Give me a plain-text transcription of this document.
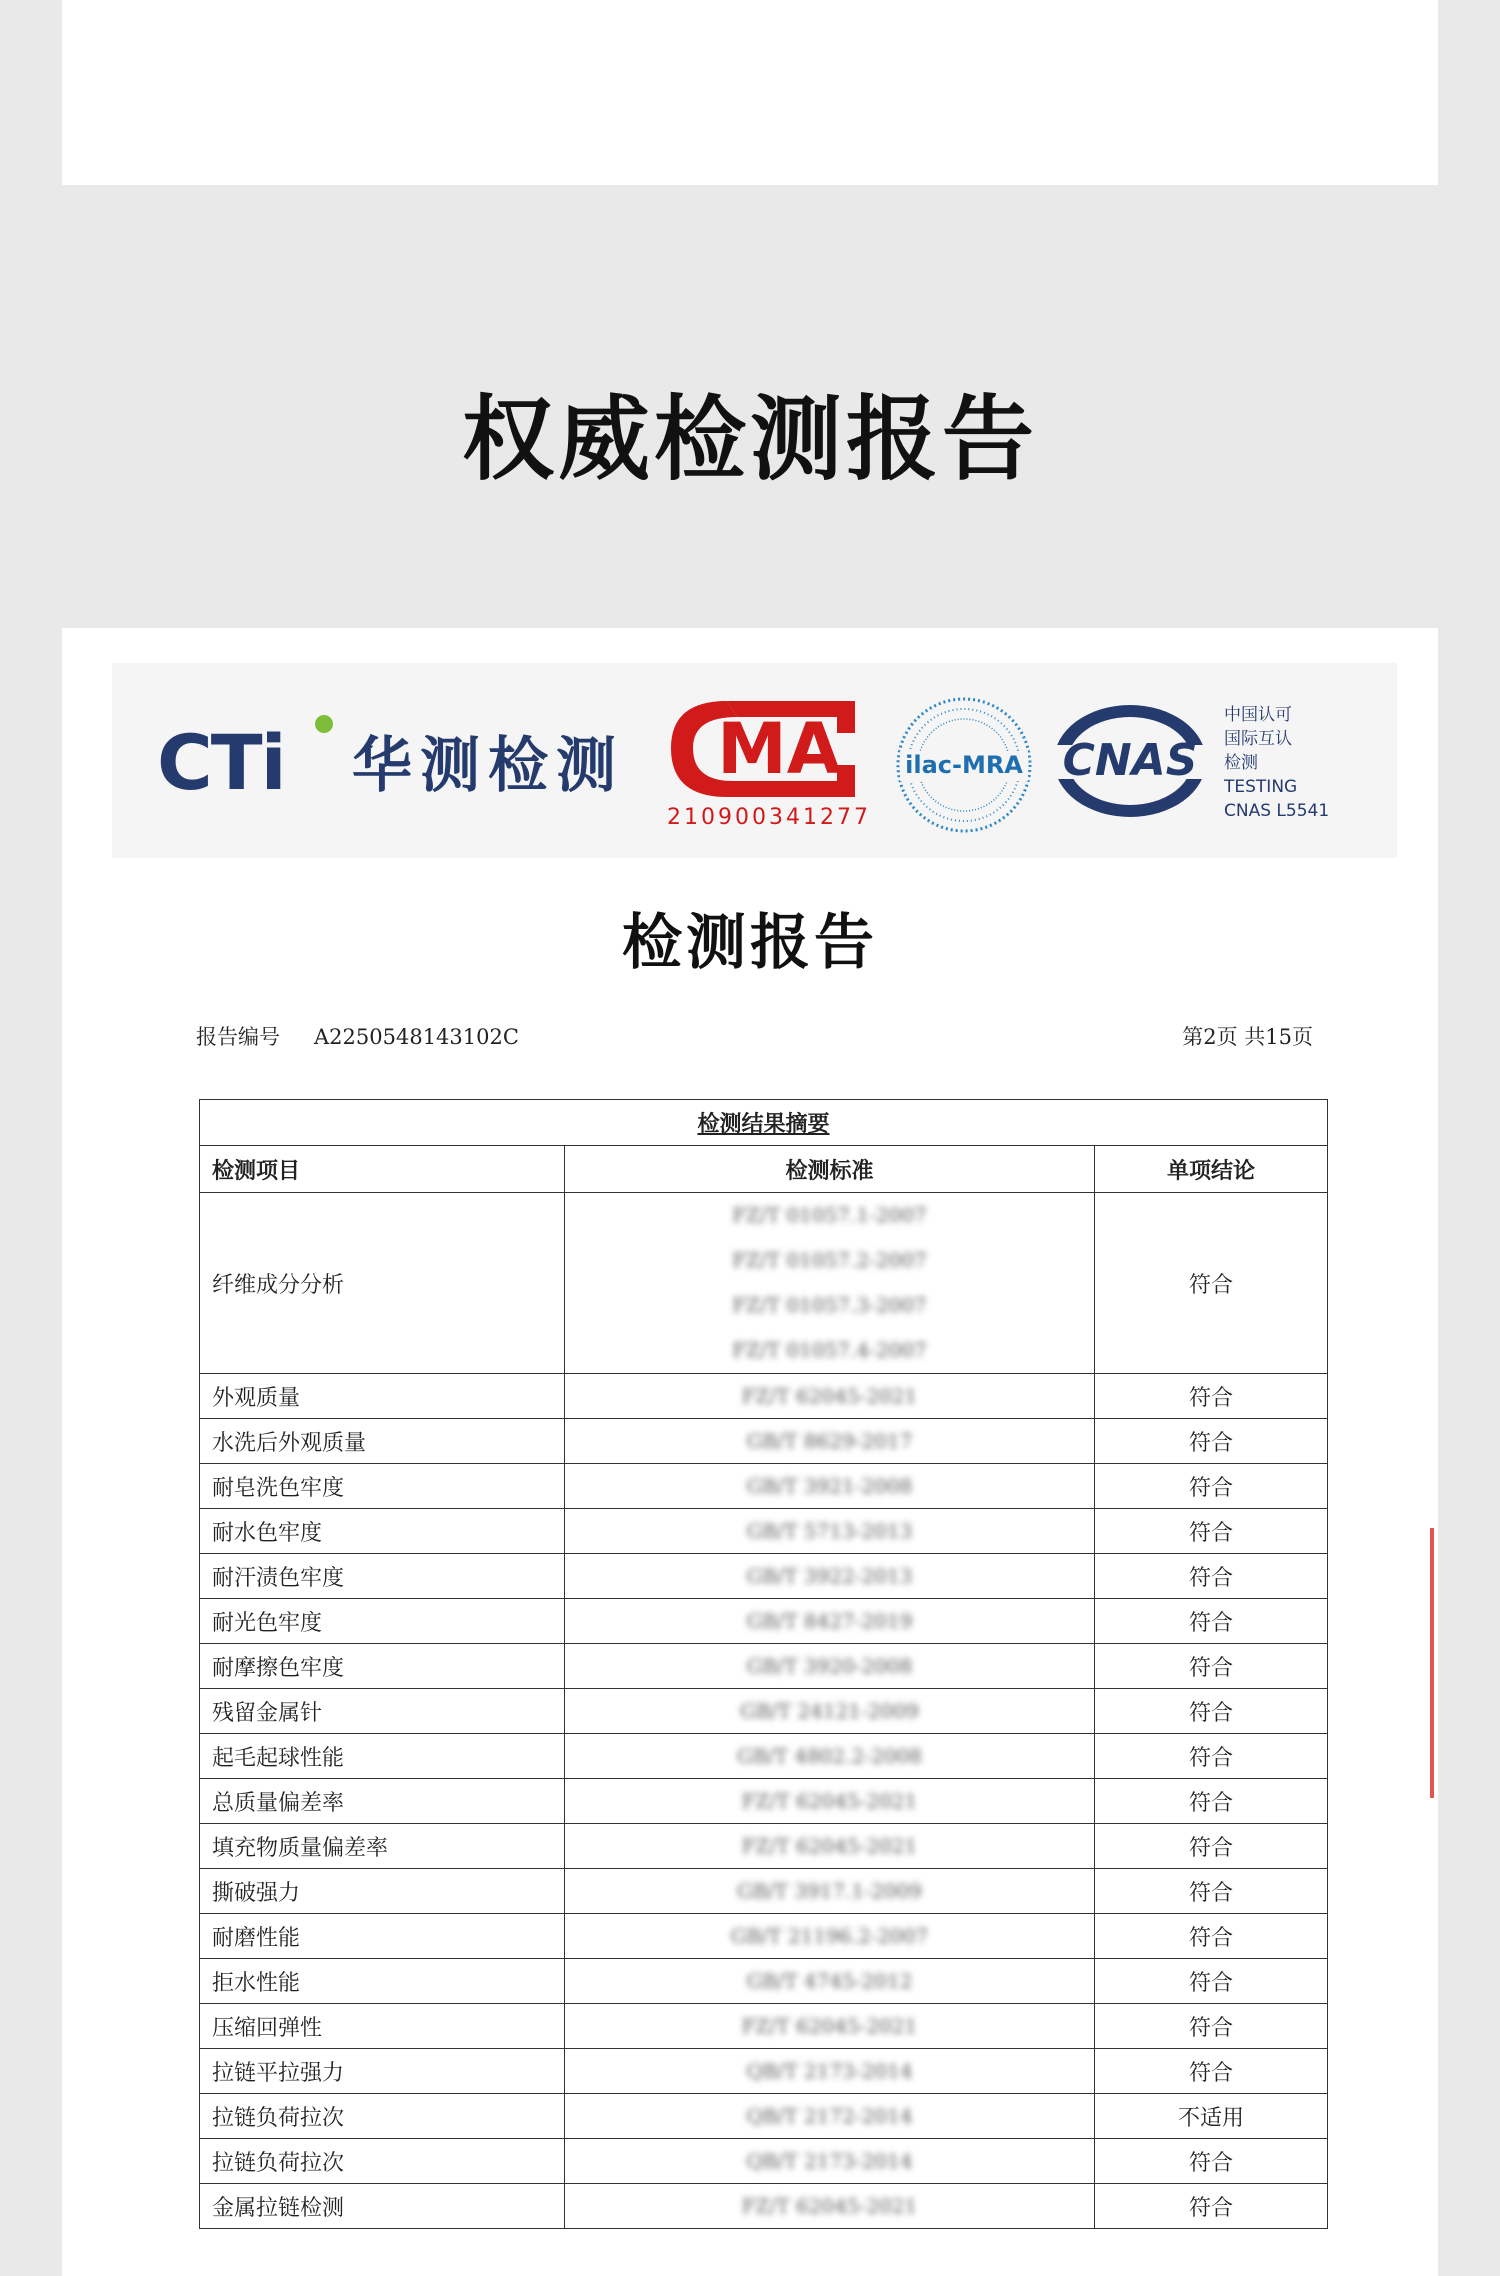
权威检测报告
CTi 华测检测 MA
210900341277
ilac-MRA CNAS
中国认可
国际互认
检测
TESTING
CNAS L5541
检测报告
报告编号 A2250548143102C	第2页 共15页
检测结果摘要		
检测项目	检测标准	单项结论
纤维成分分析	FZ/T 01057.1-2007
FZ/T 01057.2-2007
FZ/T 01057.3-2007
FZ/T 01057.4-2007	符合
外观质量	FZ/T 62045-2021	符合
水洗后外观质量	GB/T 8629-2017	符合
耐皂洗色牢度	GB/T 3921-2008	符合
耐水色牢度	GB/T 5713-2013	符合
耐汗渍色牢度	GB/T 3922-2013	符合
耐光色牢度	GB/T 8427-2019	符合
耐摩擦色牢度	GB/T 3920-2008	符合
残留金属针	GB/T 24121-2009	符合
起毛起球性能	GB/T 4802.2-2008	符合
总质量偏差率	FZ/T 62045-2021	符合
填充物质量偏差率	FZ/T 62045-2021	符合
撕破强力	GB/T 3917.1-2009	符合
耐磨性能	GB/T 21196.2-2007	符合
拒水性能	GB/T 4745-2012	符合
压缩回弹性	FZ/T 62045-2021	符合
拉链平拉强力	QB/T 2173-2014	符合
拉链负荷拉次	QB/T 2172-2014	不适用
拉链负荷拉次	QB/T 2173-2014	符合
金属拉链检测	FZ/T 62045-2021	符合
